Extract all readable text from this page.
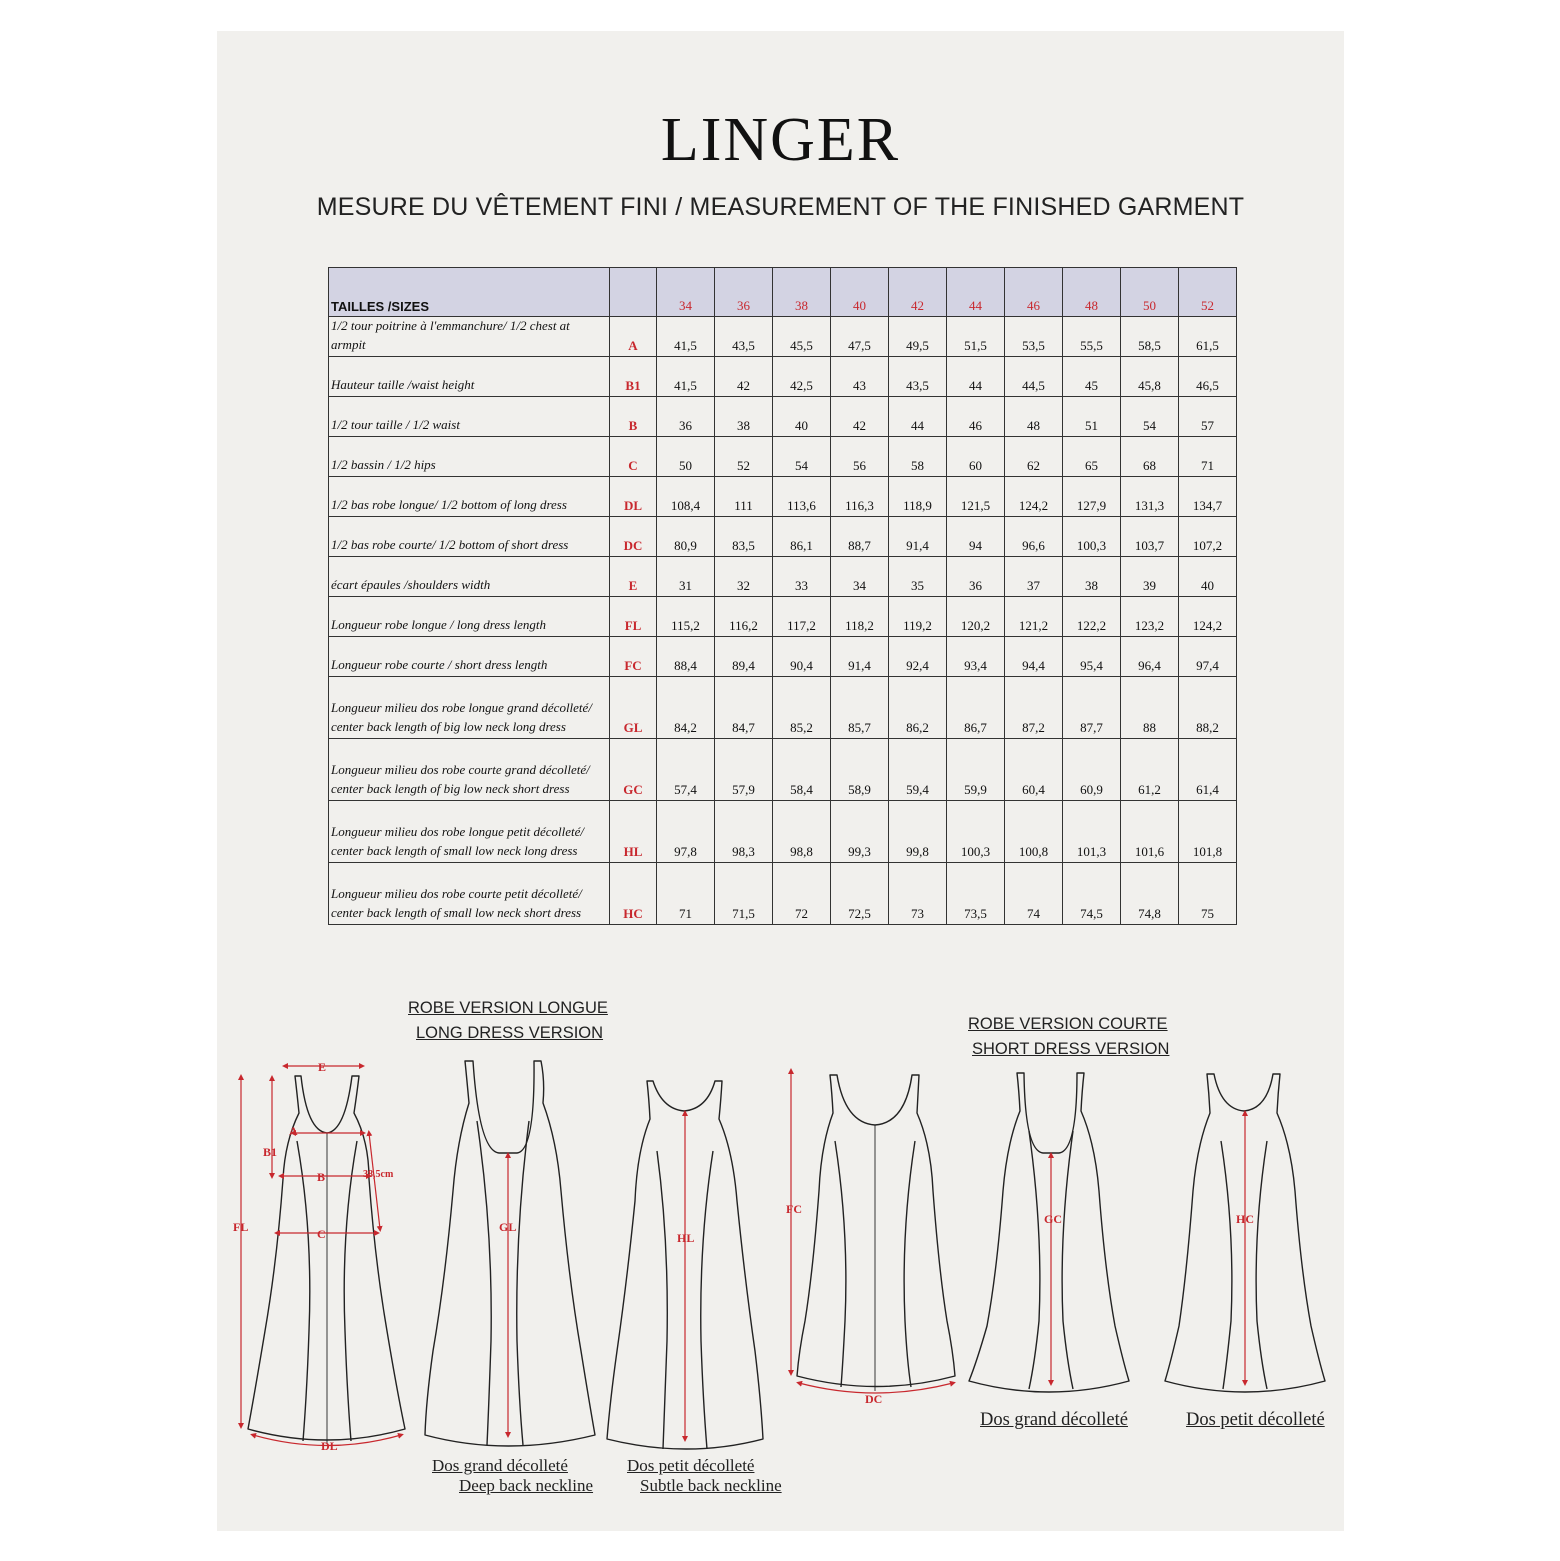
LINGER
MESURE DU VÊTEMENT FINI / MEASUREMENT OF THE FINISHED GARMENT
TAILLES /SIZES		34	36	38	40	42	44	46	48	50	52
1/2 tour poitrine à l'emmanchure/ 1/2 chest at armpit	A	41,5	43,5	45,5	47,5	49,5	51,5	53,5	55,5	58,5	61,5
Hauteur taille /waist height	B1	41,5	42	42,5	43	43,5	44	44,5	45	45,8	46,5
1/2 tour taille / 1/2 waist	B	36	38	40	42	44	46	48	51	54	57
1/2 bassin / 1/2 hips	C	50	52	54	56	58	60	62	65	68	71
1/2 bas robe longue/ 1/2 bottom of long dress	DL	108,4	111	113,6	116,3	118,9	121,5	124,2	127,9	131,3	134,7
1/2 bas robe courte/ 1/2 bottom of short dress	DC	80,9	83,5	86,1	88,7	91,4	94	96,6	100,3	103,7	107,2
écart épaules /shoulders width	E	31	32	33	34	35	36	37	38	39	40
Longueur robe longue / long dress length	FL	115,2	116,2	117,2	118,2	119,2	120,2	121,2	122,2	123,2	124,2
Longueur robe courte / short dress length	FC	88,4	89,4	90,4	91,4	92,4	93,4	94,4	95,4	96,4	97,4
Longueur milieu dos robe longue grand décolleté/ center back length of big low neck long dress	GL	84,2	84,7	85,2	85,7	86,2	86,7	87,2	87,7	88	88,2
Longueur milieu dos robe courte grand décolleté/ center back length of big low neck short dress	GC	57,4	57,9	58,4	58,9	59,4	59,9	60,4	60,9	61,2	61,4
Longueur milieu dos robe longue petit décolleté/ center back length of small low neck long dress	HL	97,8	98,3	98,8	99,3	99,8	100,3	100,8	101,3	101,6	101,8
Longueur milieu dos robe courte petit décolleté/ center back length of small low neck short dress	HC	71	71,5	72	72,5	73	73,5	74	74,5	74,8	75
ROBE VERSION LONGUE
LONG DRESS VERSION	ROBE VERSION COURTE
SHORT DRESS VERSION
Dos grand décolleté
Deep back neckline
Dos petit décolleté
Subtle back neckline
Dos grand décolleté	Dos petit décolleté
E
A
B1
B
C
38,5cm
FL
DL
GL
HL
FC
DC
GC	HC
